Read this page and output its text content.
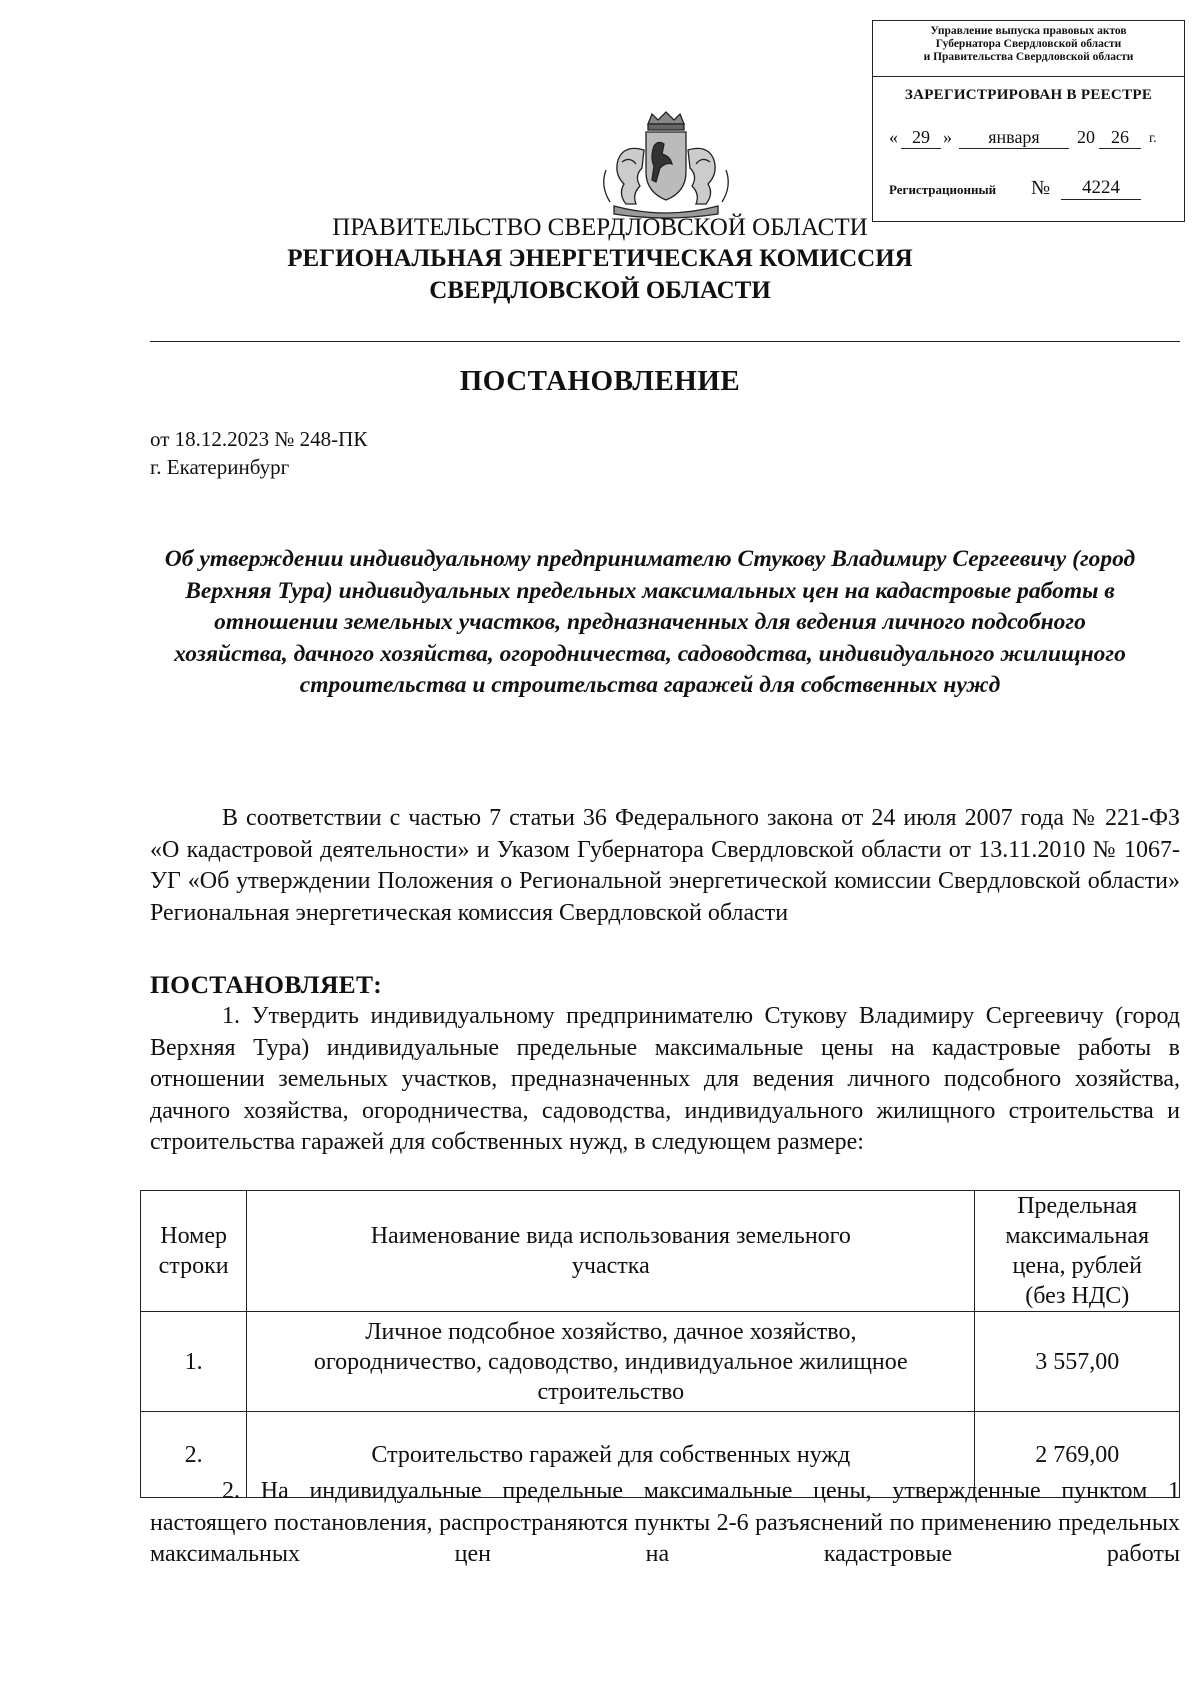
Управление выпуска правовых актов
Губернатора Свердловской области
и Правительства Свердловской области
ЗАРЕГИСТРИРОВАН В РЕЕСТРЕ
« 29 »	января	20 26	г.
Регистрационный №	4224
ПРАВИТЕЛЬСТВО СВЕРДЛОВСКОЙ ОБЛАСТИ
РЕГИОНАЛЬНАЯ ЭНЕРГЕТИЧЕСКАЯ КОМИССИЯ
СВЕРДЛОВСКОЙ ОБЛАСТИ
ПОСТАНОВЛЕНИЕ
от 18.12.2023 № 248-ПК
г. Екатеринбург
Об утверждении индивидуальному предпринимателю Стукову Владимиру Сергеевичу (город Верхняя Тура) индивидуальных предельных максимальных цен на кадастровые работы в отношении земельных участков, предназначенных для ведения личного подсобного хозяйства, дачного хозяйства, огородничества, садоводства, индивидуального жилищного строительства и строительства гаражей для собственных нужд

В соответствии с частью 7 статьи 36 Федерального закона от 24 июля 2007 года № 221-ФЗ «О кадастровой деятельности» и Указом Губернатора Свердловской области от 13.11.2010 № 1067-УГ «Об утверждении Положения о Региональной энергетической комиссии Свердловской области» Региональная энергетическая комиссия Свердловской области

ПОСТАНОВЛЯЕТ:

1. Утвердить индивидуальному предпринимателю Стукову Владимиру Сергеевичу (город Верхняя Тура) индивидуальные предельные максимальные цены на кадастровые работы в отношении земельных участков, предназначенных для ведения личного подсобного хозяйства, дачного хозяйства, огородничества, садоводства, индивидуального жилищного строительства и строительства гаражей для собственных нужд, в следующем размере:

Номер строки	Наименование вида использования земельного участка	Предельная максимальная цена, рублей (без НДС)
1.	Личное подсобное хозяйство, дачное хозяйство, огородничество, садоводство, индивидуальное жилищное строительство	3 557,00
2.	Строительство гаражей для собственных нужд	2 769,00

2. На индивидуальные предельные максимальные цены, утвержденные пунктом 1 настоящего постановления, распространяются пункты 2-6 разъяснений по применению предельных максимальных цен на кадастровые работы
